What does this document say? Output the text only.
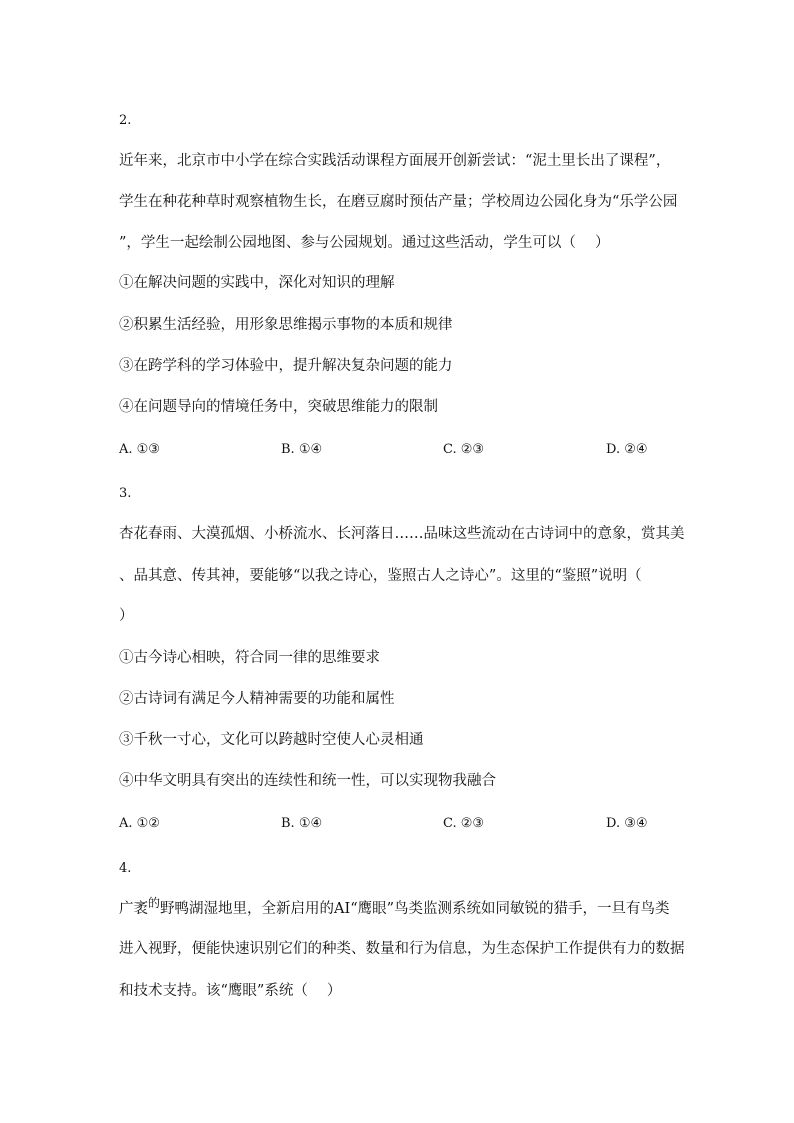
2.
近年来，北京市中小学在综合实践活动课程方面展开创新尝试：“泥土里长出了课程”，
学生在种花种草时观察植物生长，在磨豆腐时预估产量；学校周边公园化身为“乐学公园
”，学生一起绘制公园地图、参与公园规划。通过这些活动，学生可以（　 ）
①在解决问题的实践中，深化对知识的理解
②积累生活经验，用形象思维揭示事物的本质和规律
③在跨学科的学习体验中，提升解决复杂问题的能力
④在问题导向的情境任务中，突破思维能力的限制
A. ①③	B. ①④	C. ②③	D. ②④
3.
杏花春雨、大漠孤烟、小桥流水、长河落日……品味这些流动在古诗词中的意象，赏其美
、品其意、传其神，要能够“以我之诗心，鉴照古人之诗心”。这里的“鉴照”说明（
）
①古今诗心相映，符合同一律的思维要求
②古诗词有满足今人精神需要的功能和属性
③千秋一寸心，文化可以跨越时空使人心灵相通
④中华文明具有突出的连续性和统一性，可以实现物我融合
A. ①②	B. ①④	C. ②③	D. ③④
4.
广袤$^的$野鸭湖湿地里，全新启用的AI“鹰眼”鸟类监测系统如同敏锐的猎手，一旦有鸟类
进入视野，便能快速识别它们的种类、数量和行为信息，为生态保护工作提供有力的数据
和技术支持。该“鹰眼”系统（　 ）
